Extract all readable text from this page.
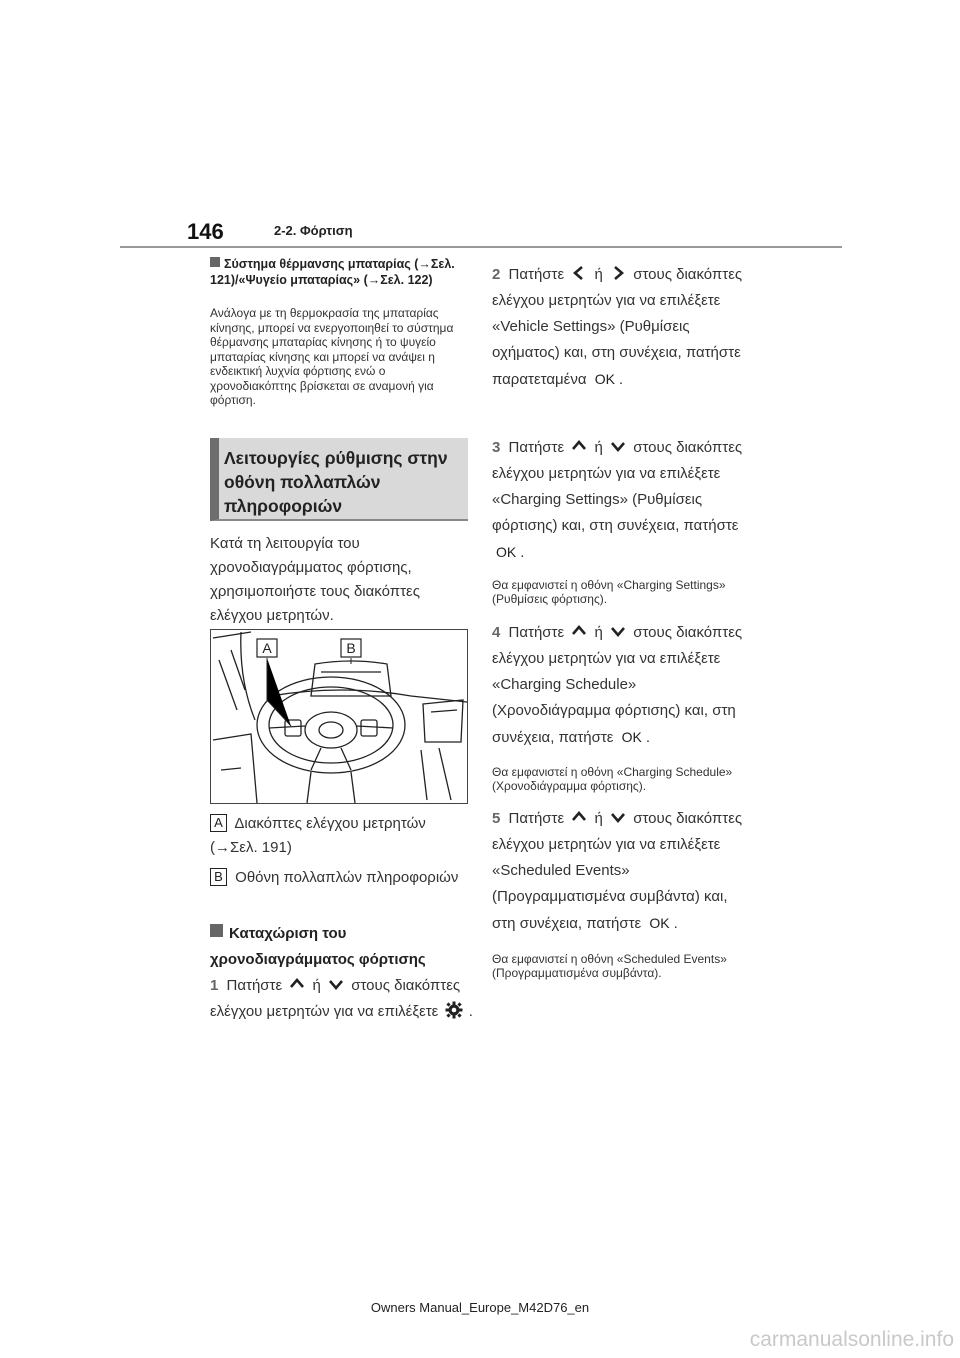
146	2-2. Φόρτιση
Σύστημα θέρμανσης μπαταρίας (→Σελ. 121)/«Ψυγείο μπαταρίας» (→Σελ. 122)
Ανάλογα με τη θερμοκρασία της μπαταρίας κίνησης, μπορεί να ενεργοποιηθεί το σύστημα θέρμανσης μπαταρίας κίνησης ή το ψυγείο μπαταρίας κίνησης και μπορεί να ανάψει η ενδεικτική λυχνία φόρτισης ενώ ο χρονοδιακόπτης βρίσκεται σε αναμονή για φόρτιση.
Λειτουργίες ρύθμισης στην οθόνη πολλαπλών πληροφοριών
Κατά τη λειτουργία του χρονοδιαγράμματος φόρτισης, χρησιμοποιήστε τους διακόπτες ελέγχου μετρητών.
A	B
A Διακόπτες ελέγχου μετρητών (→Σελ. 191)
B Οθόνη πολλαπλών πληροφοριών
Καταχώριση του χρονοδιαγράμματος φόρτισης
1 Πατήστε ή στους διακόπτες ελέγχου μετρητών για να επιλέξετε .
2 Πατήστε ή στους διακόπτες ελέγχου μετρητών για να επιλέξετε «Vehicle Settings» (Ρυθμίσεις οχήματος) και, στη συνέχεια, πατήστε παρατεταμένα OK .
3 Πατήστε ή στους διακόπτες ελέγχου μετρητών για να επιλέξετε «Charging Settings» (Ρυθμίσεις φόρτισης) και, στη συνέχεια, πατήστε OK .
Θα εμφανιστεί η οθόνη «Charging Settings» (Ρυθμίσεις φόρτισης).
4 Πατήστε ή στους διακόπτες ελέγχου μετρητών για να επιλέξετε «Charging Schedule» (Χρονοδιάγραμμα φόρτισης) και, στη συνέχεια, πατήστε OK .
Θα εμφανιστεί η οθόνη «Charging Schedule» (Χρονοδιάγραμμα φόρτισης).
5 Πατήστε ή στους διακόπτες ελέγχου μετρητών για να επιλέξετε «Scheduled Events» (Προγραμματισμένα συμβάντα) και, στη συνέχεια, πατήστε OK .
Θα εμφανιστεί η οθόνη «Scheduled Events» (Προγραμματισμένα συμβάντα).
Owners Manual_Europe_M42D76_en
carmanualsonline.info
